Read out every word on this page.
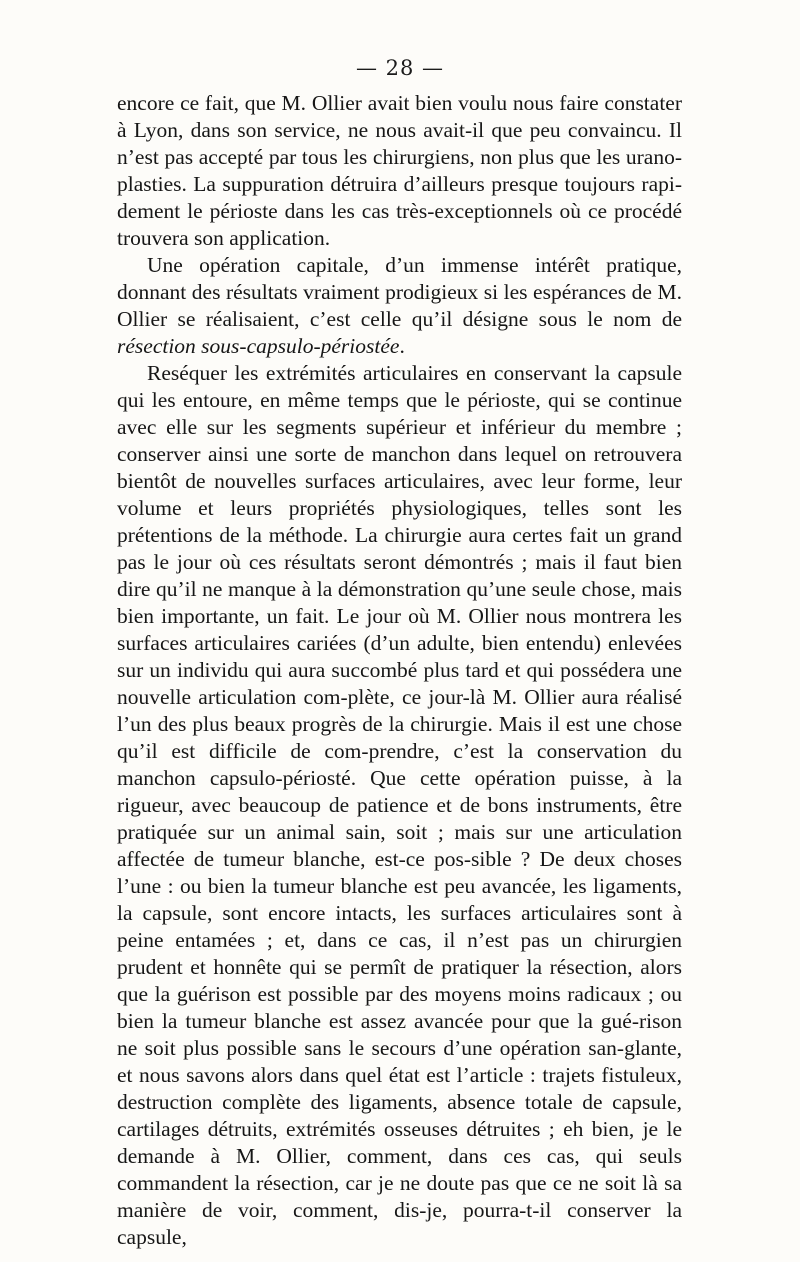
— 28 —

encore ce fait, que M. Ollier avait bien voulu nous faire constater à Lyon, dans son service, ne nous avait-il que peu convaincu. Il n’est pas accepté par tous les chirurgiens, non plus que les urano-plasties. La suppuration détruira d’ailleurs presque toujours rapi-dement le périoste dans les cas très-exceptionnels où ce procédé trouvera son application.

Une opération capitale, d’un immense intérêt pratique, donnant des résultats vraiment prodigieux si les espérances de M. Ollier se réalisaient, c’est celle qu’il désigne sous le nom de résection sous-capsulo-périostée.

Reséquer les extrémités articulaires en conservant la capsule qui les entoure, en même temps que le périoste, qui se continue avec elle sur les segments supérieur et inférieur du membre ; conserver ainsi une sorte de manchon dans lequel on retrouvera bientôt de nouvelles surfaces articulaires, avec leur forme, leur volume et leurs propriétés physiologiques, telles sont les prétentions de la méthode. La chirurgie aura certes fait un grand pas le jour où ces résultats seront démontrés ; mais il faut bien dire qu’il ne manque à la démonstration qu’une seule chose, mais bien importante, un fait. Le jour où M. Ollier nous montrera les surfaces articulaires cariées (d’un adulte, bien entendu) enlevées sur un individu qui aura succombé plus tard et qui possédera une nouvelle articulation com-plète, ce jour-là M. Ollier aura réalisé l’un des plus beaux progrès de la chirurgie. Mais il est une chose qu’il est difficile de com-prendre, c’est la conservation du manchon capsulo-périosté. Que cette opération puisse, à la rigueur, avec beaucoup de patience et de bons instruments, être pratiquée sur un animal sain, soit ; mais sur une articulation affectée de tumeur blanche, est-ce pos-sible ? De deux choses l’une : ou bien la tumeur blanche est peu avancée, les ligaments, la capsule, sont encore intacts, les surfaces articulaires sont à peine entamées ; et, dans ce cas, il n’est pas un chirurgien prudent et honnête qui se permît de pratiquer la résection, alors que la guérison est possible par des moyens moins radicaux ; ou bien la tumeur blanche est assez avancée pour que la gué-rison ne soit plus possible sans le secours d’une opération san-glante, et nous savons alors dans quel état est l’article : trajets fistuleux, destruction complète des ligaments, absence totale de capsule, cartilages détruits, extrémités osseuses détruites ; eh bien, je le demande à M. Ollier, comment, dans ces cas, qui seuls commandent la résection, car je ne doute pas que ce ne soit là sa manière de voir, comment, dis-je, pourra-t-il conserver la capsule,
